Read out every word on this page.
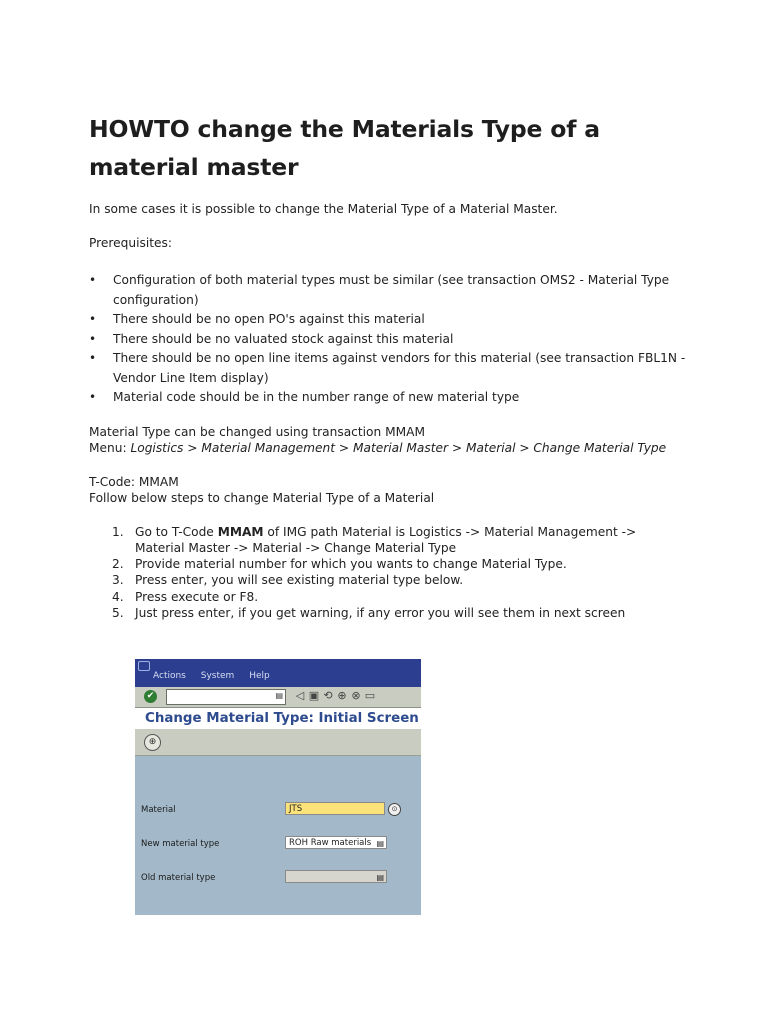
HOWTO change the Materials Type of a material master

In some cases it is possible to change the Material Type of a Material Master.

Prerequisites:

• Configuration of both material types must be similar (see transaction OMS2 - Material Type configuration)
• There should be no open PO's against this material
• There should be no valuated stock against this material
• There should be no open line items against vendors for this material (see transaction FBL1N - Vendor Line Item display)
• Material code should be in the number range of new material type

Material Type can be changed using transaction MMAM

Menu: Logistics > Material Management > Material Master > Material > Change Material Type

T-Code: MMAM

Follow below steps to change Material Type of a Material

1. Go to T-Code MMAM of IMG path Material is Logistics -> Material Management -> Material Master -> Material -> Change Material Type
2. Provide material number for which you wants to change Material Type.
3. Press enter, you will see existing material type below.
4. Press execute or F8.
5. Just press enter, if you get warning, if any error you will see them in next screen
Actions System Help
✔	▤ ◁ ▣ ⟲ ⊕ ⊗ ▭
Change Material Type: Initial Screen
⊕
Material	JTS	⊙
New material type	ROH Raw materials ▤
Old material type	▤
